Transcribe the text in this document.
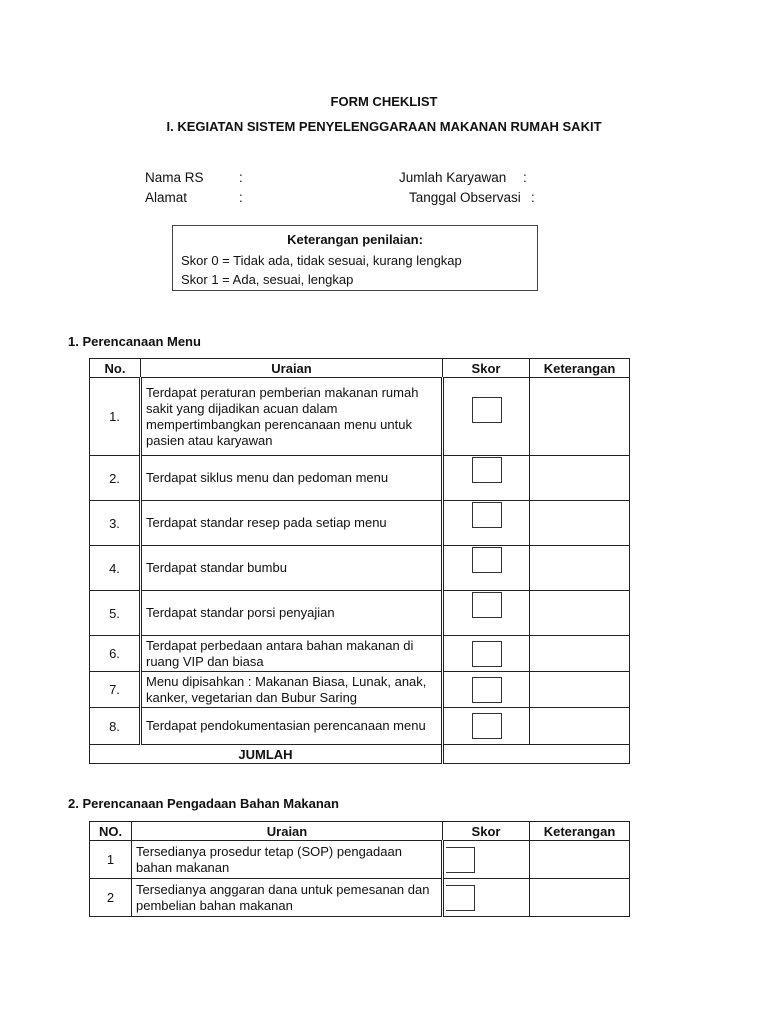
FORM CHEKLIST
I. KEGIATAN SISTEM PENYELENGGARAAN MAKANAN RUMAH SAKIT
Nama RS	:
Alamat	:
Jumlah Karyawan :
Tanggal Observasi :
Keterangan penilaian:
Skor 0 = Tidak ada, tidak sesuai, kurang lengkap
Skor 1 = Ada, sesuai, lengkap
1. Perencanaan Menu
No.	Uraian	Skor	Keterangan
1.	Terdapat peraturan pemberian makanan rumah sakit yang dijadikan acuan dalam mempertimbangkan perencanaan menu untuk pasien atau karyawan	

2.	Terdapat siklus menu dan pedoman menu	

3.	Terdapat standar resep pada setiap menu	

4.	Terdapat standar bumbu	

5.	Terdapat standar porsi penyajian	

6.	Terdapat perbedaan antara bahan makanan di ruang VIP dan biasa	

7.	Menu dipisahkan : Makanan Biasa, Lunak, anak, kanker, vegetarian dan Bubur Saring	

8.	Terdapat pendokumentasian perencanaan menu	

JUMLAH			
2. Perencanaan Pengadaan Bahan Makanan
NO.	Uraian	Skor	Keterangan
1	Tersedianya prosedur tetap (SOP) pengadaan bahan makanan	

2	Tersedianya anggaran dana untuk pemesanan dan pembelian bahan makanan	
